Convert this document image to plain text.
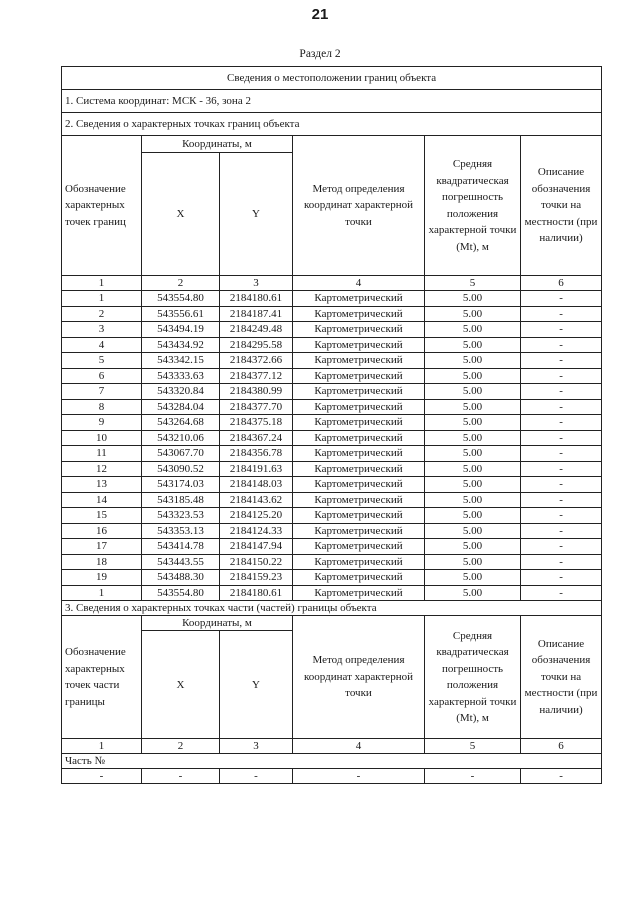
21
Раздел 2
Сведения о местоположении границ объекта					
1. Система координат: МСК - 36, зона 2					
2. Сведения о характерных точках границ объекта					
Обозначение характерных точек границ	Координаты, м		Метод определения координат характерной точки	Средняя квадратическая погрешность положения характерной точки (Mt), м	Описание обозначения точки на местности (при наличии)
	X	Y			
1	2	3	4	5	6
1	543554.80	2184180.61	Картометрический	5.00	-
2	543556.61	2184187.41	Картометрический	5.00	-
3	543494.19	2184249.48	Картометрический	5.00	-
4	543434.92	2184295.58	Картометрический	5.00	-
5	543342.15	2184372.66	Картометрический	5.00	-
6	543333.63	2184377.12	Картометрический	5.00	-
7	543320.84	2184380.99	Картометрический	5.00	-
8	543284.04	2184377.70	Картометрический	5.00	-
9	543264.68	2184375.18	Картометрический	5.00	-
10	543210.06	2184367.24	Картометрический	5.00	-
11	543067.70	2184356.78	Картометрический	5.00	-
12	543090.52	2184191.63	Картометрический	5.00	-
13	543174.03	2184148.03	Картометрический	5.00	-
14	543185.48	2184143.62	Картометрический	5.00	-
15	543323.53	2184125.20	Картометрический	5.00	-
16	543353.13	2184124.33	Картометрический	5.00	-
17	543414.78	2184147.94	Картометрический	5.00	-
18	543443.55	2184150.22	Картометрический	5.00	-
19	543488.30	2184159.23	Картометрический	5.00	-
1	543554.80	2184180.61	Картометрический	5.00	-
3. Сведения о характерных точках части (частей) границы объекта					

Обозначение характерных точек части границы	Координаты, м		Метод определения координат характерной точки	Средняя квадратическая погрешность положения характерной точки (Mt), м	Описание обозначения точки на местности (при наличии)
	X	Y			
1	2	3	4	5	6
Часть №					
-	-	-	-	-	-
